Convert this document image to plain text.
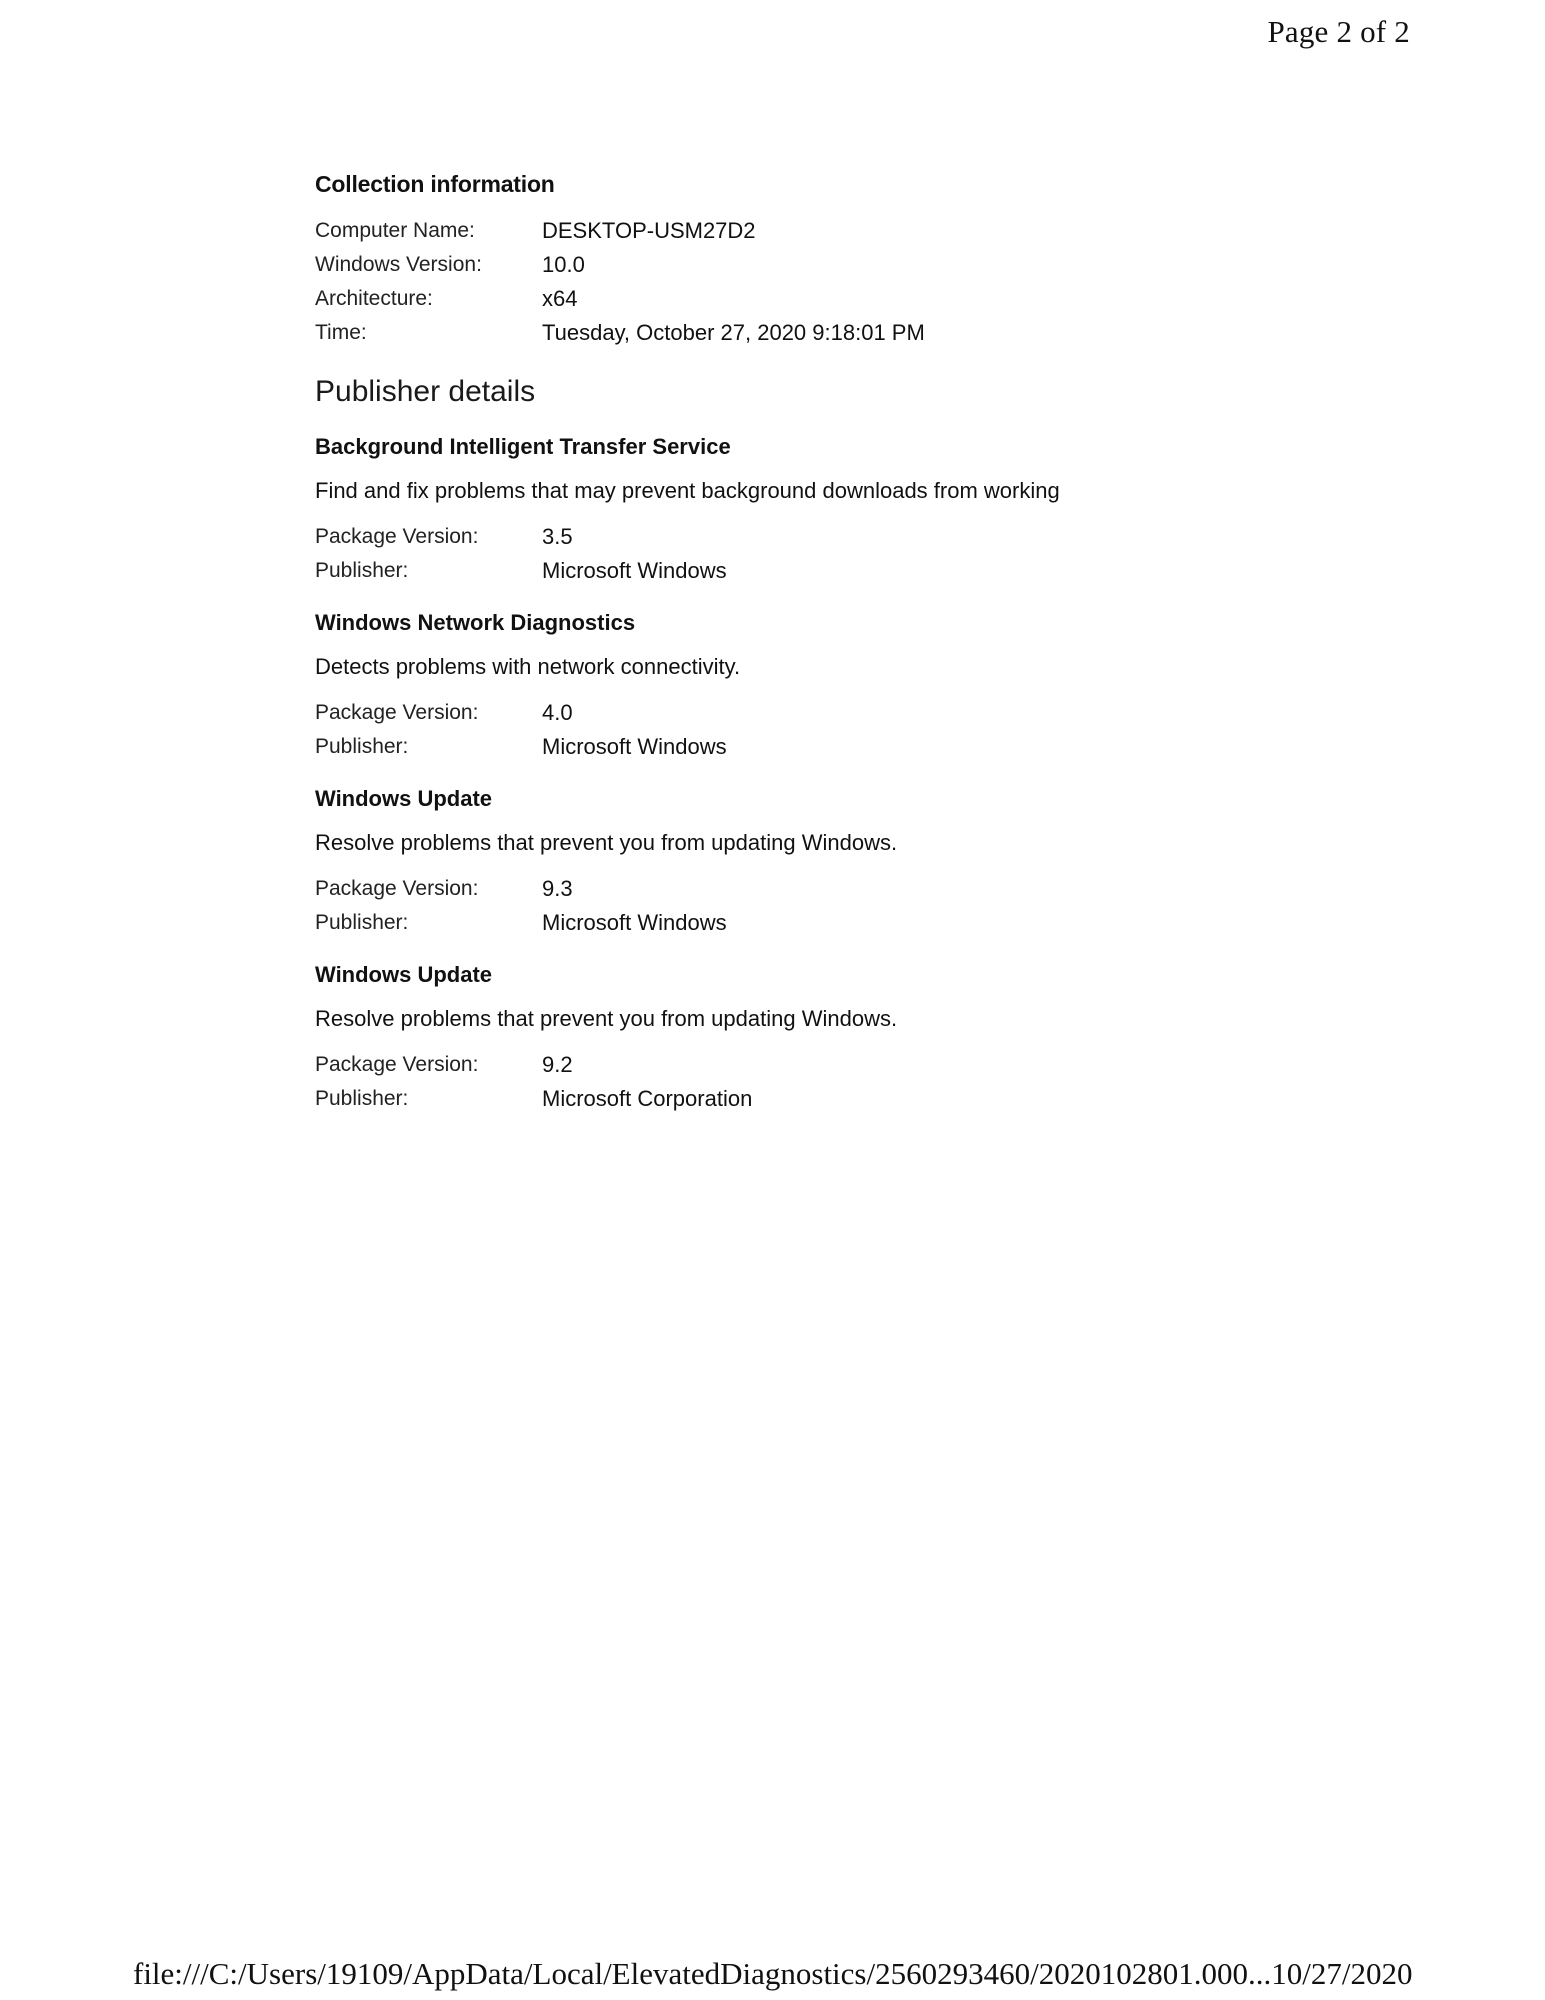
Page 2 of 2
Collection information
Computer Name:	DESKTOP-USM27D2
Windows Version:	10.0
Architecture:	x64
Time:	Tuesday, October 27, 2020 9:18:01 PM
Publisher details
Background Intelligent Transfer Service

Find and fix problems that may prevent background downloads from working

Package Version:	3.5
Publisher:	Microsoft Windows
Windows Network Diagnostics

Detects problems with network connectivity.

Package Version:	4.0
Publisher:	Microsoft Windows
Windows Update

Resolve problems that prevent you from updating Windows.

Package Version:	9.3
Publisher:	Microsoft Windows
Windows Update

Resolve problems that prevent you from updating Windows.

Package Version:	9.2
Publisher:	Microsoft Corporation
file:///C:/Users/19109/AppData/Local/ElevatedDiagnostics/2560293460/2020102801.000... 10/27/2020
